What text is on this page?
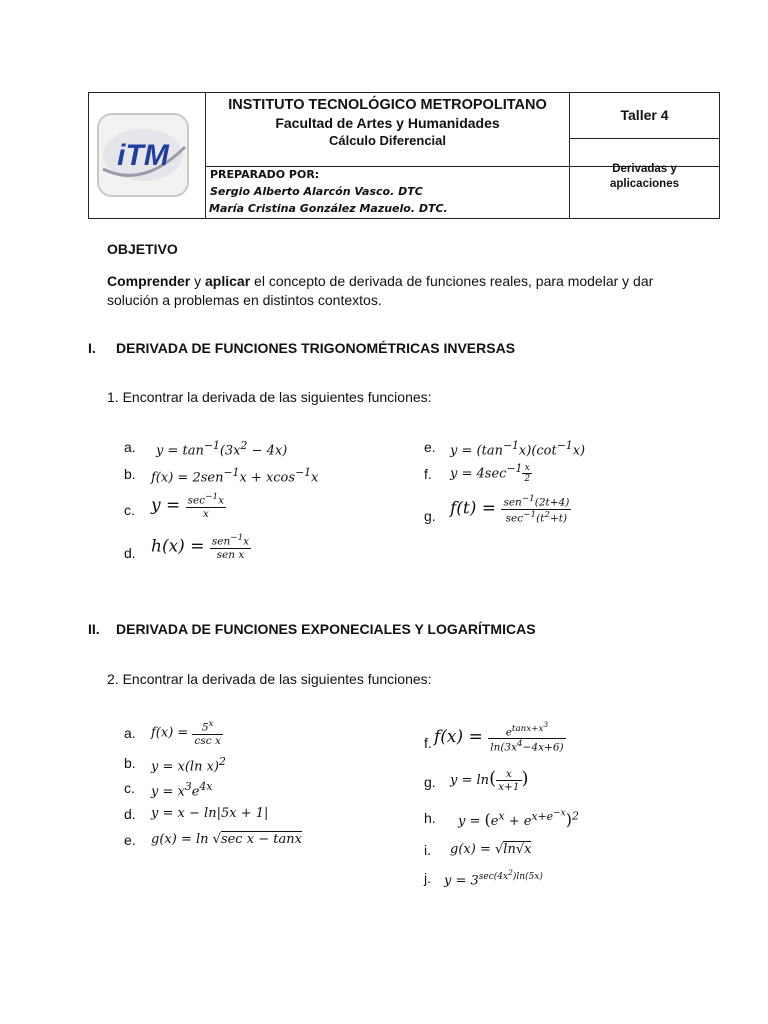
iTM
INSTITUTO TECNOLÓGICO METROPOLITANO
Facultad de Artes y Humanidades
Cálculo Diferencial
PREPARADO POR:
Sergio Alberto Alarcón Vasco. DTC
María Cristina González Mazuelo. DTC.
Taller 4
Derivadas y
aplicaciones
OBJETIVO
Comprender y aplicar el concepto de derivada de funciones reales, para modelar y dar
solución a problemas en distintos contextos.
I. DERIVADA DE FUNCIONES TRIGONOMÉTRICAS INVERSAS
1. Encontrar la derivada de las siguientes funciones:
a. $y = \tan^{-1}(3x^2 - 4x)$
b. f(x) = 2sen$^{-1}$x + xcos$^{-1}$x
c. $y = \frac{\sec^{-1}x}{x}$
d. $h(x) = \frac{sen^{-1}x}{\text{sen x}}$
e. $y = (\tan^{-1}x)(\cot^{-1}x)$
f. $y = 4\sec^{-1} \frac{x}{2}$
g. $f(t) = \frac{sen^{-1}(2t+4)}{\sec^{-1}(t^2+t)}$
II. DERIVADA DE FUNCIONES EXPONECIALES Y LOGARÍTMICAS
2. Encontrar la derivada de las siguientes funciones:
a. $f(x) = \frac{5^x}{\text{csc x}}$
b. y = x(ln x)$^2$
c. $y = x^3e^{4x}$
d. y = x − ln|5x + 1|
e. g(x) = ln √sec x − tanx
f. $f(x) = \frac{e^{tanx+x^3}}{\ln(3x^4-4x+6)}$
g. $y = \ln( \frac{x}{x+1}$ )
h. $y = (e^x + e^{x+e^{-x}})^2$
i. g(x) = √ln√x
j. $y = 3^{sec(4x^2)ln(5x)}$
